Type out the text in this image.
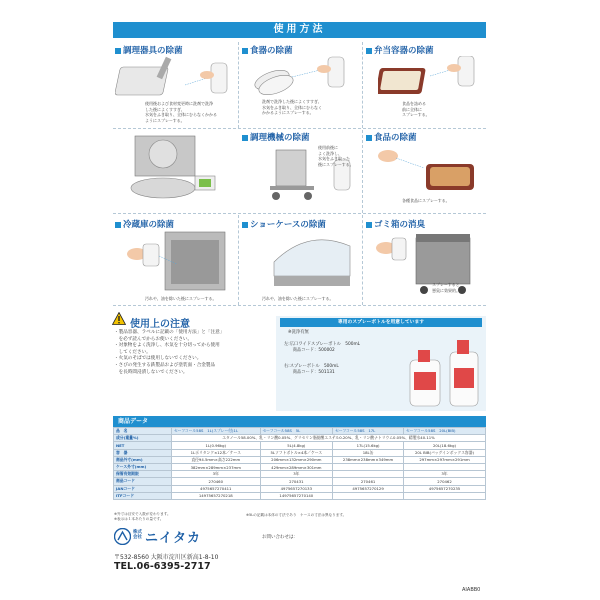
使用方法
調理器具の除菌
使用後および食材変更時に洗剤で洗浄
した後によくすすぎ、
水気をふき取り、全体にむらなくかかる
ようにスプレーする。
食器の除菌
洗剤で洗浄した後によくすすぎ、
水気をふき取り、全体にむらなく
かかるようにスプレーする。
弁当容器の除菌
食品を詰める
前に全体に
スプレーする。
調理機械の除菌
使用前後に
よく洗浄し、
水気をふき取った
後にスプレーする。
食品の除菌
各種食品にスプレーする。
冷蔵庫の除菌
汚れや、油を除いた後にスプレーする。
ショーケースの除菌
汚れや、油を除いた後にスプレーする。
ゴミ箱の消臭
スプレーすると
悪臭に効果的。
使用上の注意
・製品容器、ラベルに記載の「使用方法」と「注意」
　を必ず読んでからお使いください。
・対象物をよく洗浄し、水気を十分切ってから使用
　してください。
・火気のそばでは使用しないでください。
・さびの発生する鉄製品および塗装面・合金製品
　を長時間浸漬しないでください。
専用のスプレーボトルを用意しています
※洗浄有無
左:広口ワイドスプレーボトル　500mL
　　商品コード：500002
右:スプレーボトル　500mL
　　商品コード：501131
商品データ
品　名	セーフコール58S　1L(スプレー付)1L	セーフコール58S　5L	セーフコール58S　17L	セーフコール58S　20L(BIB)
成分(重量%)	エタノール58.00%、乳・リン酸0.05%、グリセリン脂肪酸エステル0.20%、乳・リン酸ナトリウム0.05%、精製水40.11%			
NET	1L(0.96kg)	5L(4.8kg)	17L(15.6kg)	20L(18.6kg)
容　器	1Lポリタンク×12本／ケース	5Lソフトボトル×4本／ケース	18L缶	20L BIB(バッグインボックス容器)
商品外寸(mm)	直径94.5mm×高さ222mm	206mm×132mm×290mm	238mm×238mm×349mm	297mm×297mm×291mm
ケース外寸(mm)	382mm×289mm×237mm	429mm×289mm×301mm		
保管有効期限	3年	3年		3年
商品コード	270460	270431	270461	270462
JANコード	4975657270411	4975657270133	4975657270129	4975657270235
ITFコード	14975657270218	14975657270140		
※外寸は目安で入数が変わります。
※表示は１本あたりの量です。
※5Lの記載は本体の寸法であり　ケースの寸法は異なります。
株式
会社 ニイタカ
〒532-8560 大阪市淀川区新高1-8-10
TEL.06-6395-2717
お問い合わせは：
AIABB0
